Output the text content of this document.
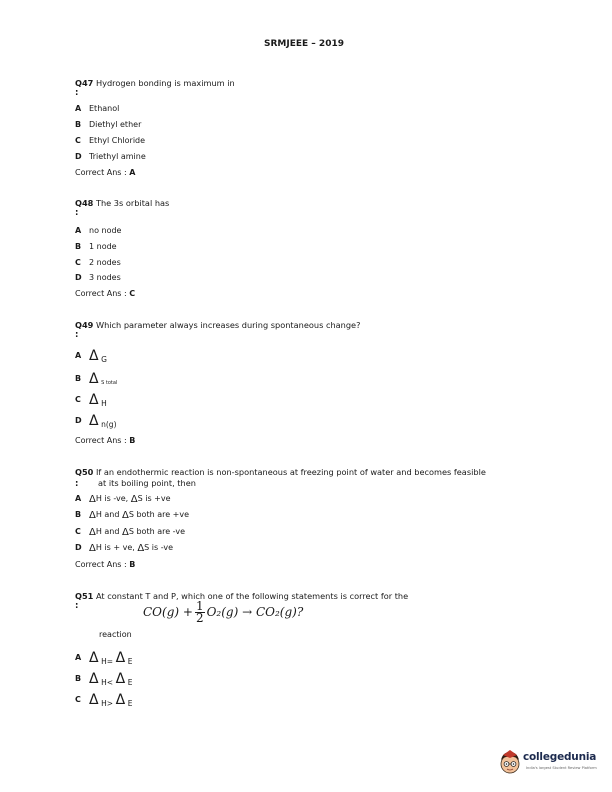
SRMJEEE – 2019
Q47 Hydrogen bonding is maximum in
:
A Ethanol
B Diethyl ether
C Ethyl Chloride
D Triethyl amine
Correct Ans : A
Q48 The 3s orbital has
:
A no node
B 1 node
C 2 nodes
D 3 nodes
Correct Ans : C
Q49 Which parameter always increases during spontaneous change?
:
A Δ G
B Δ $_{S total}$
C Δ H
D Δ n(g)
Correct Ans : B
Q50 If an endothermic reaction is non-spontaneous at freezing point of water and becomes feasible
: at its boiling point, then
A ΔH is -ve, ΔS is +ve
B ΔH and ΔS both are +ve
C ΔH and ΔS both are -ve
D ΔH is + ve, ΔS is -ve
Correct Ans : B
Q51 At constant T and P, which one of the following statements is correct for the
:	$CO(g) + \frac{1}{2} O_2(g) \to CO_2(g)$?
reaction
A Δ H= Δ E
B Δ H< Δ E
C Δ H> Δ E
collegedunia
India's largest Student Review Platform
